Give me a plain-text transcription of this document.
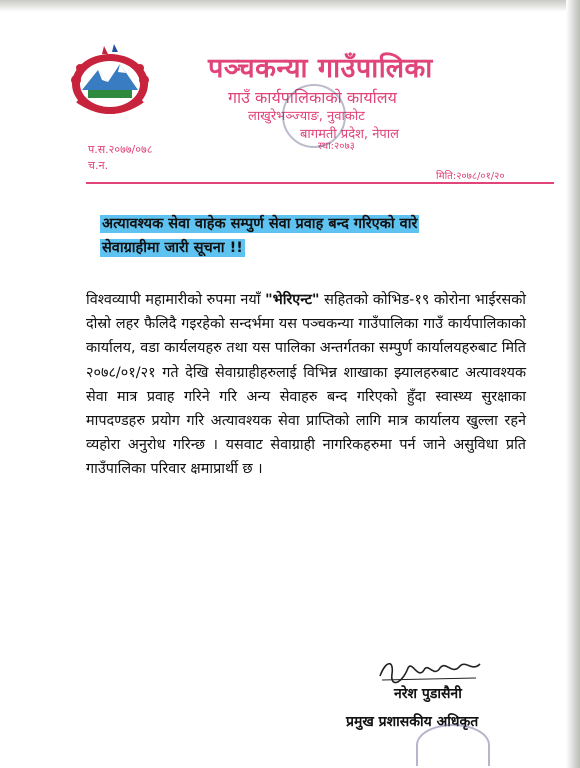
पञ्चकन्या गाउँपालिका
गाउँ कार्यपालिकाको कार्यालय
लाखुरेभञ्ज्याङ, नुवाकोट
बागमती प्रदेश, नेपाल
स्था:२०७३
प.स.२०७७/०७८
च.न.
मिति:२०७८/०१/२०
अत्यावश्यक सेवा वाहेक सम्पुर्ण सेवा प्रवाह बन्द गरिएको वारे
सेवाग्राहीमा जारी सूचना !!

विश्वव्यापी महामारीको रुपमा नयाँ "भेरिएन्ट" सहितको कोभिड-१९ कोरोना भाईरसको दोस्रो लहर फैलिदै गइरहेको सन्दर्भमा यस पञ्चकन्या गाउँपालिका गाउँ कार्यपालिकाको कार्यालय, वडा कार्यलयहरु तथा यस पालिका अन्तर्गतका सम्पुर्ण कार्यालयहरुबाट मिति २०७८/०१/२१ गते देखि सेवाग्राहीहरुलाई विभिन्न शाखाका झ्यालहरुबाट अत्यावश्यक सेवा मात्र प्रवाह गरिने गरि अन्य सेवाहरु बन्द गरिएको हुँदा स्वास्थ्य सुरक्षाका मापदण्डहरु प्रयोग गरि अत्यावश्यक सेवा प्राप्तिको लागि मात्र कार्यालय खुल्ला रहने व्यहोरा अनुरोध गरिन्छ । यसवाट सेवाग्राही नागरिकहरुमा पर्न जाने असुविधा प्रति गाउँपालिका परिवार क्षमाप्रार्थी छ ।

नरेश पुडासैनी
प्रमुख प्रशासकीय अधिकृत
